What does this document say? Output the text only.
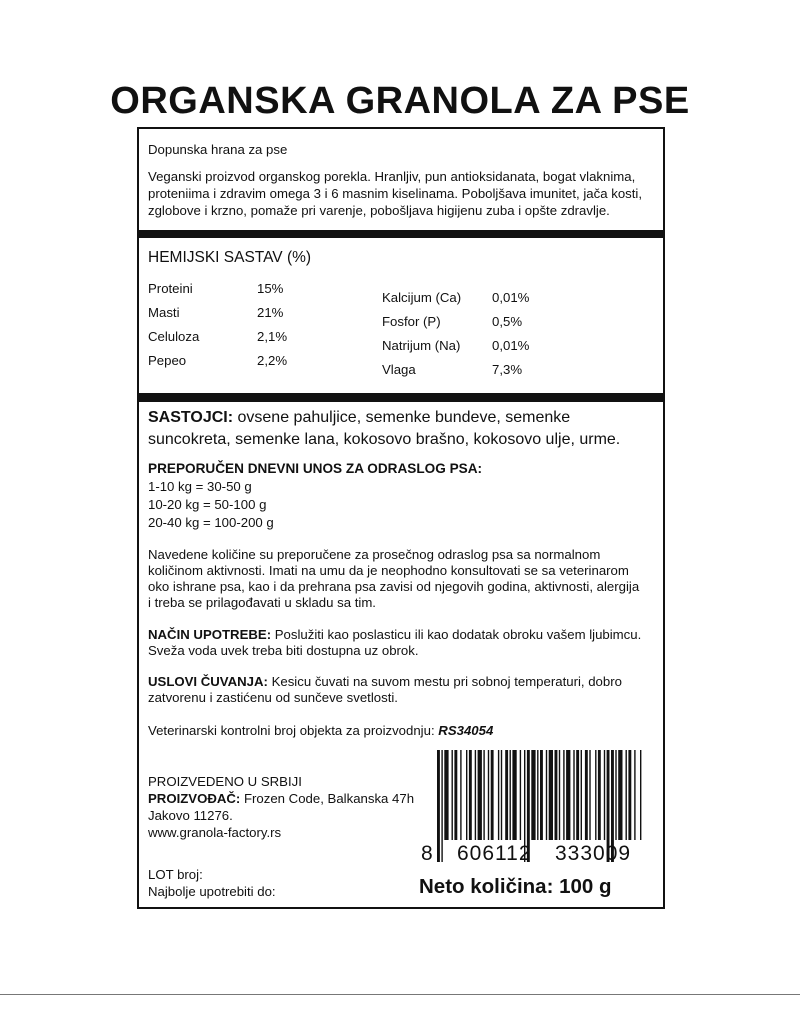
ORGANSKA GRANOLA ZA PSE
Dopunska hrana za pse
Veganski proizvod organskog porekla. Hranljiv, pun antioksidanata, bogat vlaknima,
proteniima i zdravim omega 3 i 6 masnim kiselinama. Poboljšava imunitet, jača kosti,
zglobove i krzno, pomaže pri varenje, pobošljava higijenu zuba i opšte zdravlje.
HEMIJSKI SASTAV (%)
Proteini	15%
Masti	21%
Celuloza	2,1%
Pepeo	2,2%
Kalcijum (Ca) 0,01%
Fosfor (P)	0,5%
Natrijum (Na) 0,01%
Vlaga	7,3%
SASTOJCI: ovsene pahuljice, semenke bundeve, semenke
suncokreta, semenke lana, kokosovo brašno, kokosovo ulje, urme.
PREPORUČEN DNEVNI UNOS ZA ODRASLOG PSA:
1-10 kg = 30-50 g
10-20 kg = 50-100 g
20-40 kg = 100-200 g
Navedene količine su preporučene za prosečnog odraslog psa sa normalnom
količinom aktivnosti. Imati na umu da je neophodno konsultovati se sa veterinarom
oko ishrane psa, kao i da prehrana psa zavisi od njegovih godina, aktivnosti, alergija
i treba se prilagođavati u skladu sa tim.
NAČIN UPOTREBE: Poslužiti kao poslasticu ili kao dodatak obroku vašem ljubimcu.
Sveža voda uvek treba biti dostupna uz obrok.
USLOVI ČUVANJA: Kesicu čuvati na suvom mestu pri sobnoj temperaturi, dobro
zatvorenu i zastićenu od sunčeve svetlosti.
Veterinarski kontrolni broj objekta za proizvodnju: RS34054
PROIZVEDENO U SRBIJI
PROIZVOĐAČ: Frozen Code, Balkanska 47h
Jakovo 11276.
www.granola-factory.rs
LOT broj:
Najbolje upotrebiti do:
8 606112 333009
Neto količina: 100 g
